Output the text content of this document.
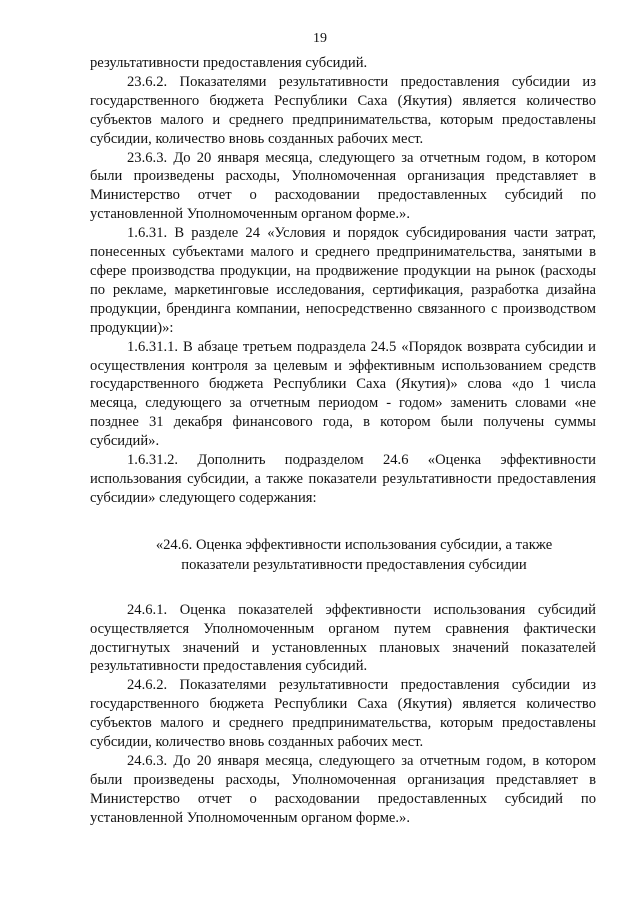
19

результативности предоставления субсидий.

23.6.2. Показателями результативности предоставления субсидии из государственного бюджета Республики Саха (Якутия) является количество субъектов малого и среднего предпринимательства, которым предоставлены субсидии, количество вновь созданных рабочих мест.

23.6.3. До 20 января месяца, следующего за отчетным годом, в котором были произведены расходы, Уполномоченная организация представляет в Министерство отчет о расходовании предоставленных субсидий по установленной Уполномоченным органом форме.».

1.6.31. В разделе 24 «Условия и порядок субсидирования части затрат, понесенных субъектами малого и среднего предпринимательства, занятыми в сфере производства продукции, на продвижение продукции на рынок (расходы по рекламе, маркетинговые исследования, сертификация, разработка дизайна продукции, брендинга компании, непосредственно связанного с производством продукции)»:

1.6.31.1. В абзаце третьем подраздела 24.5 «Порядок возврата субсидии и осуществления контроля за целевым и эффективным использованием средств государственного бюджета Республики Саха (Якутия)» слова «до 1 числа месяца, следующего за отчетным периодом - годом» заменить словами «не позднее 31 декабря финансового года, в котором были получены суммы субсидий».

1.6.31.2. Дополнить подразделом 24.6 «Оценка эффективности использования субсидии, а также показатели результативности предоставления субсидии» следующего содержания:

«24.6. Оценка эффективности использования субсидии, а также
показатели результативности предоставления субсидии

24.6.1. Оценка показателей эффективности использования субсидий осуществляется Уполномоченным органом путем сравнения фактически достигнутых значений и установленных плановых значений показателей результативности предоставления субсидий.

24.6.2. Показателями результативности предоставления субсидии из государственного бюджета Республики Саха (Якутия) является количество субъектов малого и среднего предпринимательства, которым предоставлены субсидии, количество вновь созданных рабочих мест.

24.6.3. До 20 января месяца, следующего за отчетным годом, в котором были произведены расходы, Уполномоченная организация представляет в Министерство отчет о расходовании предоставленных субсидий по установленной Уполномоченным органом форме.».
